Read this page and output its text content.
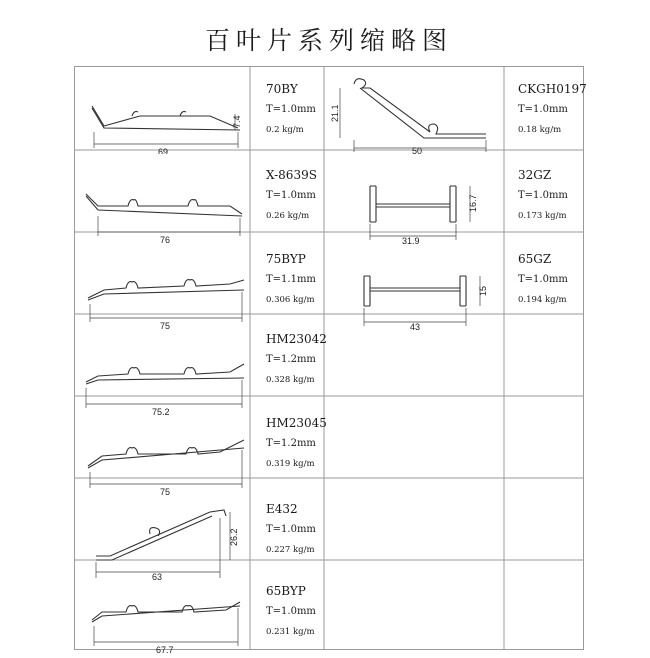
百叶片系列缩略图
69
7.4
76
75
75.2
75
63
26.2
67.7
70BY
T=1.0mm
0.2 kg/m
X-8639S
T=1.0mm
0.26 kg/m
75BYP
T=1.1mm
0.306 kg/m
HM23042
T=1.2mm
0.328 kg/m
HM23045
T=1.2mm
0.319 kg/m
E432
T=1.0mm
0.227 kg/m
65BYP
T=1.0mm
0.231 kg/m
21.1
50
16.7
31.9
15
43
CKGH0197
T=1.0mm
0.18 kg/m
32GZ
T=1.0mm
0.173 kg/m
65GZ
T=1.0mm
0.194 kg/m
